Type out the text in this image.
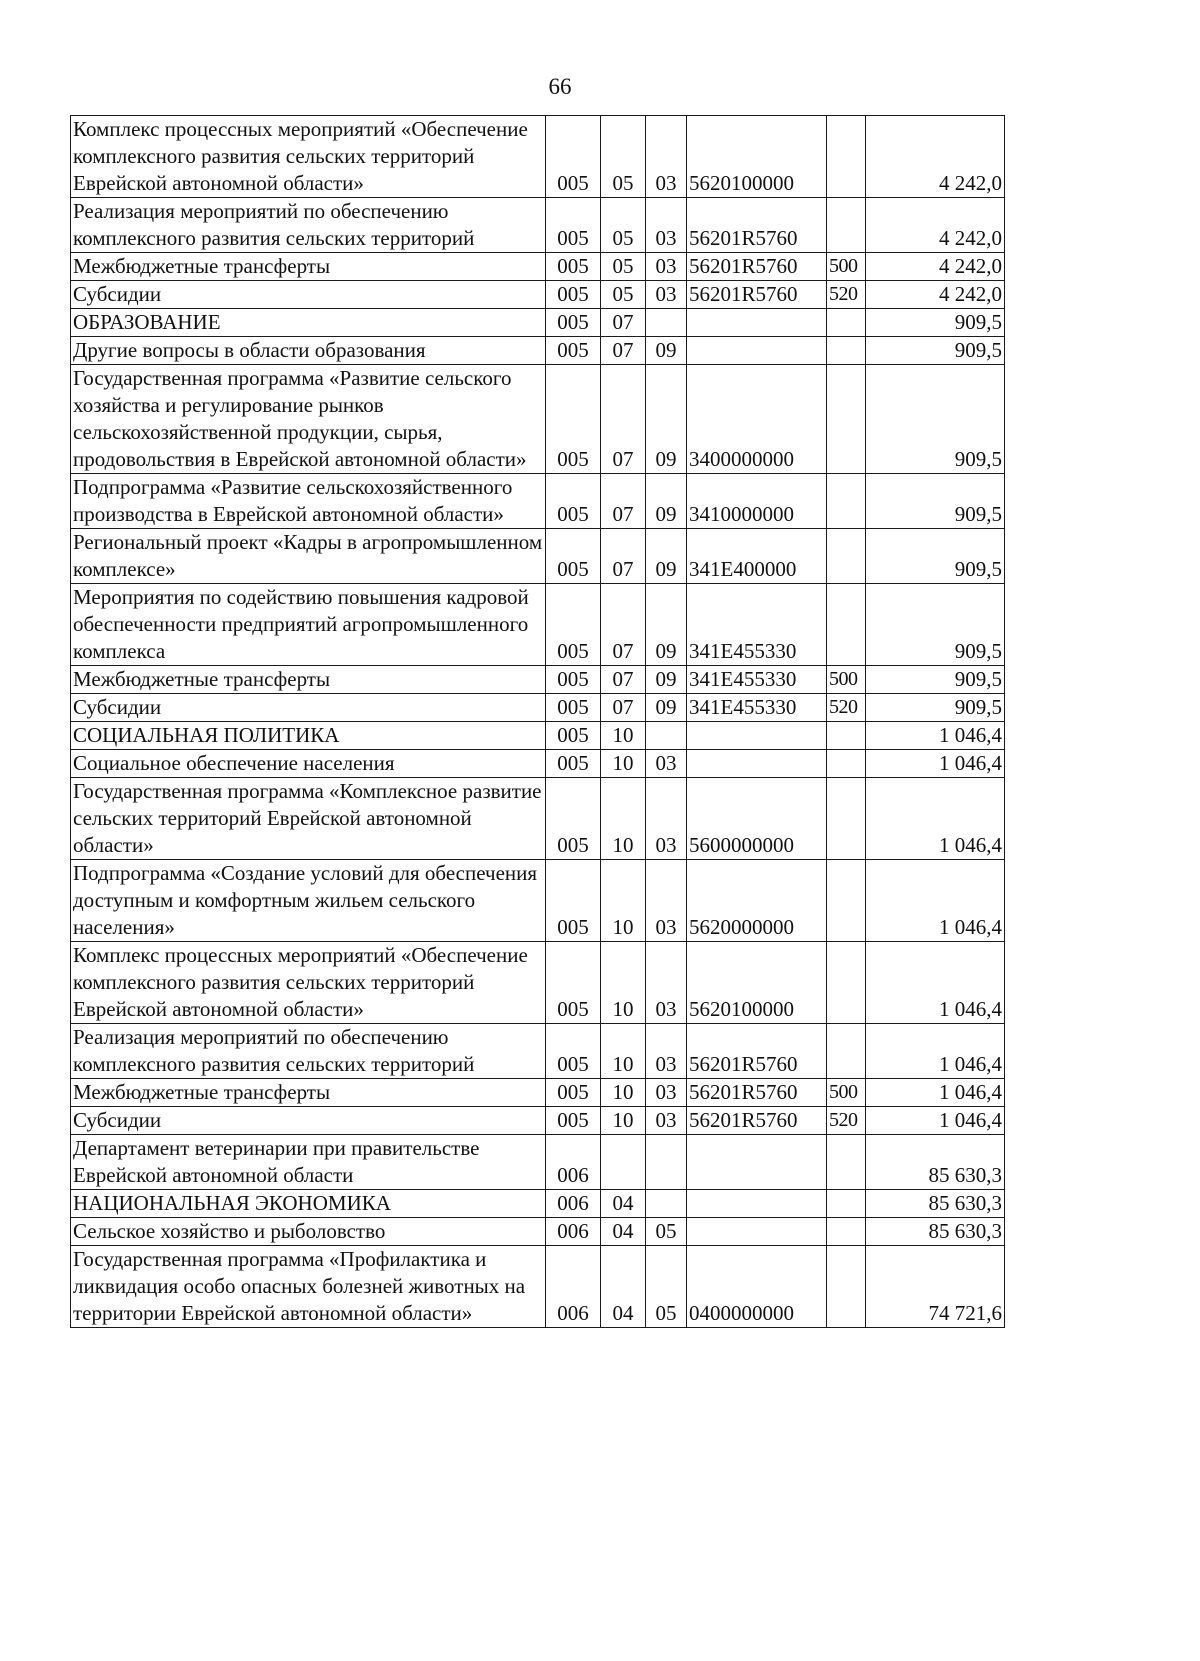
66
Комплекс процессных мероприятий «Обеспечение комплексного развития сельских территорий Еврейской автономной области»	005	05	03	5620100000		4 242,0
Реализация мероприятий по обеспечению комплексного развития сельских территорий	005	05	03	56201R5760		4 242,0
Межбюджетные трансферты	005	05	03	56201R5760	500	4 242,0
Субсидии	005	05	03	56201R5760	520	4 242,0
ОБРАЗОВАНИЕ	005	07				909,5
Другие вопросы в области образования	005	07	09			909,5
Государственная программа «Развитие сельского хозяйства и регулирование рынков сельскохозяйственной продукции, сырья, продовольствия в Еврейской автономной области»	005	07	09	3400000000		909,5
Подпрограмма «Развитие сельскохозяйственного производства в Еврейской автономной области»	005	07	09	3410000000		909,5
Региональный проект «Кадры в агропромышленном комплексе»	005	07	09	341E400000		909,5
Мероприятия по содействию повышения кадровой обеспеченности предприятий агропромышленного комплекса	005	07	09	341E455330		909,5
Межбюджетные трансферты	005	07	09	341E455330	500	909,5
Субсидии	005	07	09	341E455330	520	909,5
СОЦИАЛЬНАЯ ПОЛИТИКА	005	10				1 046,4
Социальное обеспечение населения	005	10	03			1 046,4
Государственная программа «Комплексное развитие сельских территорий Еврейской автономной области»	005	10	03	5600000000		1 046,4
Подпрограмма «Создание условий для обеспечения доступным и комфортным жильем сельского населения»	005	10	03	5620000000		1 046,4
Комплекс процессных мероприятий «Обеспечение комплексного развития сельских территорий Еврейской автономной области»	005	10	03	5620100000		1 046,4
Реализация мероприятий по обеспечению комплексного развития сельских территорий	005	10	03	56201R5760		1 046,4
Межбюджетные трансферты	005	10	03	56201R5760	500	1 046,4
Субсидии	005	10	03	56201R5760	520	1 046,4
Департамент ветеринарии при правительстве Еврейской автономной области	006					85 630,3
НАЦИОНАЛЬНАЯ ЭКОНОМИКА	006	04				85 630,3
Сельское хозяйство и рыболовство	006	04	05			85 630,3
Государственная программа «Профилактика и ликвидация особо опасных болезней животных на территории Еврейской автономной области»	006	04	05	0400000000		74 721,6
